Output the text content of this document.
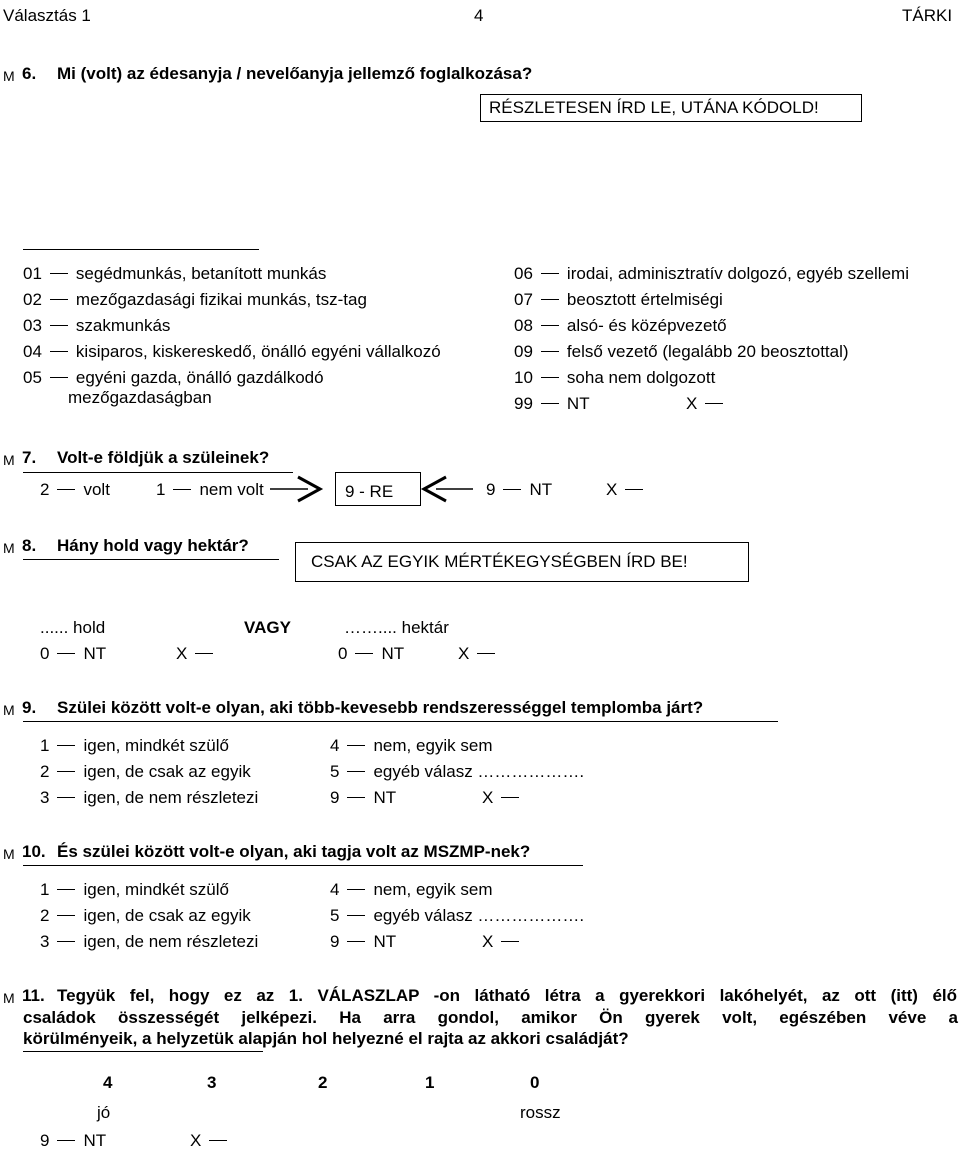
Választás 1	4	TÁRKI
M 6. Mi (volt) az édesanyja / nevelőanyja jellemző foglalkozása?
RÉSZLETESEN ÍRD LE, UTÁNA KÓDOLD!
01 segédmunkás, betanított munkás
02 mezőgazdasági fizikai munkás, tsz-tag
03 szakmunkás
04 kisiparos, kiskereskedő, önálló egyéni vállalkozó
05 egyéni gazda, önálló gazdálkodó
mezőgazdaságban
06 irodai, adminisztratív dolgozó, egyéb szellemi
07 beosztott értelmiségi
08 alsó- és középvezető
09 felső vezető (legalább 20 beosztottal)
10 soha nem dolgozott
99 NT	X
M 7. Volt-e földjük a szüleinek?
2 volt	1 nem volt	9 - RE	9 NT	X
M 8. Hány hold vagy hektár?
CSAK AZ EGYIK MÉRTÉKEGYSÉGBEN ÍRD BE!
...... hold	VAGY	…….... hektár
0 NT	X	0 NT	X
M 9. Szülei között volt-e olyan, aki több-kevesebb rendszerességgel templomba járt?
1 igen, mindkét szülő
2 igen, de csak az egyik
3 igen, de nem részletezi
4 nem, egyik sem
5 egyéb válasz ……………….
9 NT	X
M 10. És szülei között volt-e olyan, aki tagja volt az MSZMP-nek?
1 igen, mindkét szülő
2 igen, de csak az egyik
3 igen, de nem részletezi
4 nem, egyik sem
5 egyéb válasz ……………….
9 NT	X
M 11. Tegyük fel, hogy ez az 1. VÁLASZLAP -on látható létra a gyerekkori lakóhelyét, az ott (itt) élő
családok összességét jelképezi. Ha arra gondol, amikor Ön gyerek volt, egészében véve a
körülményeik, a helyzetük alapján hol helyezné el rajta az akkori családját?
4	3	2	1	0
jó	rossz
9 NT	X
